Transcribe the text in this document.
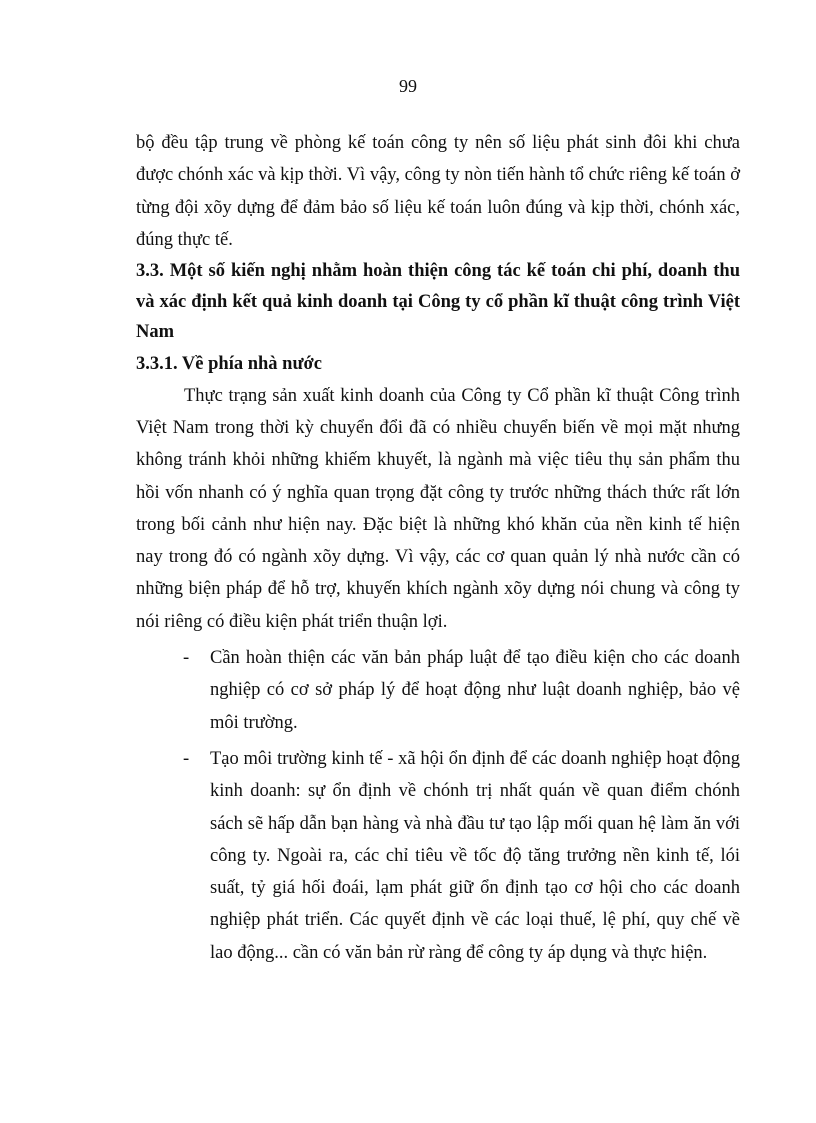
99

bộ đều tập trung về phòng kế toán công ty nên số liệu phát sinh đôi khi chưa được chónh xác và kịp thời. Vì vậy, công ty nòn tiến hành tổ chức riêng kế toán ở từng đội xõy dựng để đảm bảo số liệu kế toán luôn đúng và kịp thời, chónh xác, đúng thực tế.

3.3. Một số kiến nghị nhằm hoàn thiện công tác kế toán chi phí, doanh thu và xác định kết quả kinh doanh tại Công ty cổ phần kĩ thuật công trình Việt Nam

3.3.1. Về phía nhà nước

Thực trạng sản xuất kinh doanh của Công ty Cổ phần kĩ thuật Công trình Việt Nam trong thời kỳ chuyển đổi đã có nhiều chuyển biến về mọi mặt nhưng không tránh khỏi những khiếm khuyết, là ngành mà việc tiêu thụ sản phẩm thu hồi vốn nhanh có ý nghĩa quan trọng đặt công ty trước những thách thức rất lớn trong bối cảnh như hiện nay. Đặc biệt là những khó khăn của nền kinh tế hiện nay trong đó có ngành xõy dựng. Vì vậy, các cơ quan quản lý nhà nước cần có những biện pháp để hỗ trợ, khuyến khích ngành xõy dựng nói chung và công ty nói riêng có điều kiện phát triển thuận lợi.

- Cần hoàn thiện các văn bản pháp luật để tạo điều kiện cho các doanh nghiệp có cơ sở pháp lý để hoạt động như luật doanh nghiệp, bảo vệ môi trường.
- Tạo môi trường kinh tế - xã hội ổn định để các doanh nghiệp hoạt động kinh doanh: sự ổn định về chónh trị nhất quán về quan điểm chónh sách sẽ hấp dẫn bạn hàng và nhà đầu tư tạo lập mối quan hệ làm ăn với công ty. Ngoài ra, các chỉ tiêu về tốc độ tăng trưởng nền kinh tế, lói suất, tỷ giá hối đoái, lạm phát giữ ổn định tạo cơ hội cho các doanh nghiệp phát triển. Các quyết định về các loại thuế, lệ phí, quy chế về lao động... cần có văn bản rừ ràng để công ty áp dụng và thực hiện.
